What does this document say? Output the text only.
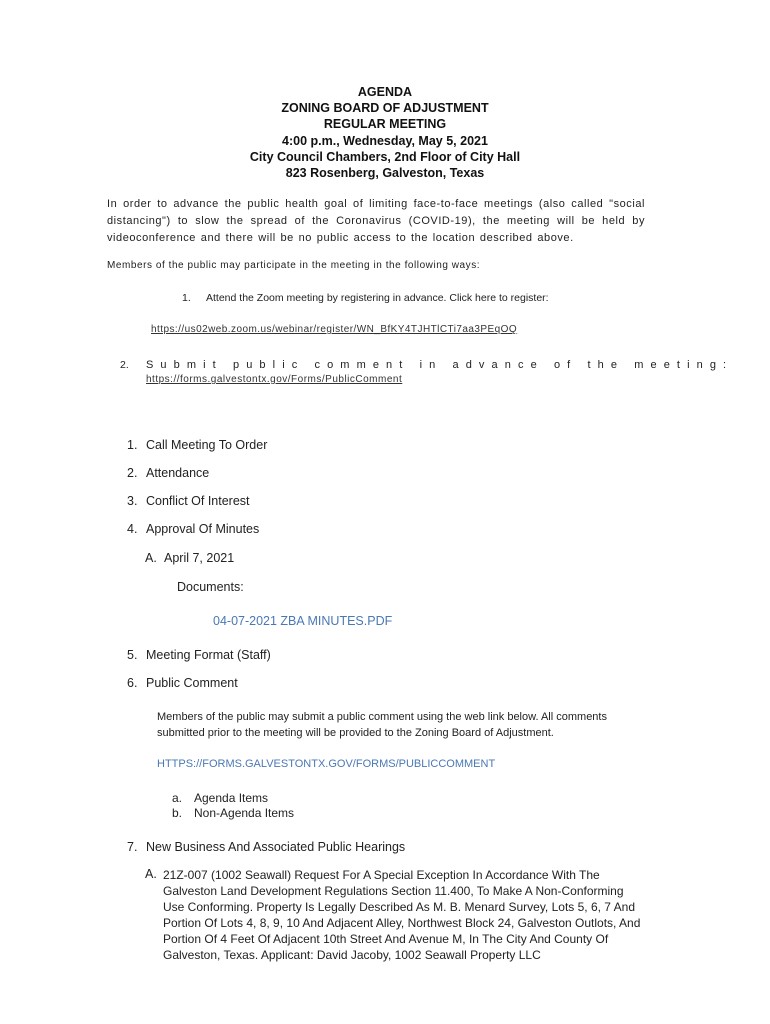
AGENDA
ZONING BOARD OF ADJUSTMENT
REGULAR MEETING
4:00 p.m., Wednesday, May 5, 2021
City Council Chambers, 2nd Floor of City Hall
823 Rosenberg, Galveston, Texas
In order to advance the public health goal of limiting face-to-face meetings (also called "social distancing") to slow the spread of the Coronavirus (COVID-19), the meeting will be held by videoconference and there will be no public access to the location described above.
Members of the public may participate in the meeting in the following ways:
1. Attend the Zoom meeting by registering in advance. Click here to register:
https://us02web.zoom.us/webinar/register/WN_BfKY4TJHTlCTi7aa3PEqOQ
2. Submit public comment in advance of the meeting:
https://forms.galvestontx.gov/Forms/PublicComment
1. Call Meeting To Order
2. Attendance
3. Conflict Of Interest
4. Approval Of Minutes
A. April 7, 2021
Documents:
04-07-2021 ZBA MINUTES.PDF
5. Meeting Format (Staff)
6. Public Comment
Members of the public may submit a public comment using the web link below. All comments submitted prior to the meeting will be provided to the Zoning Board of Adjustment.
HTTPS://FORMS.GALVESTONTX.GOV/FORMS/PUBLICCOMMENT
a. Agenda Items
b. Non-Agenda Items
7. New Business And Associated Public Hearings
A. 21Z-007 (1002 Seawall) Request For A Special Exception In Accordance With The Galveston Land Development Regulations Section 11.400, To Make A Non-Conforming Use Conforming. Property Is Legally Described As M. B. Menard Survey, Lots 5, 6, 7 And Portion Of Lots 4, 8, 9, 10 And Adjacent Alley, Northwest Block 24, Galveston Outlots, And Portion Of 4 Feet Of Adjacent 10th Street And Avenue M, In The City And County Of Galveston, Texas. Applicant: David Jacoby, 1002 Seawall Property LLC
